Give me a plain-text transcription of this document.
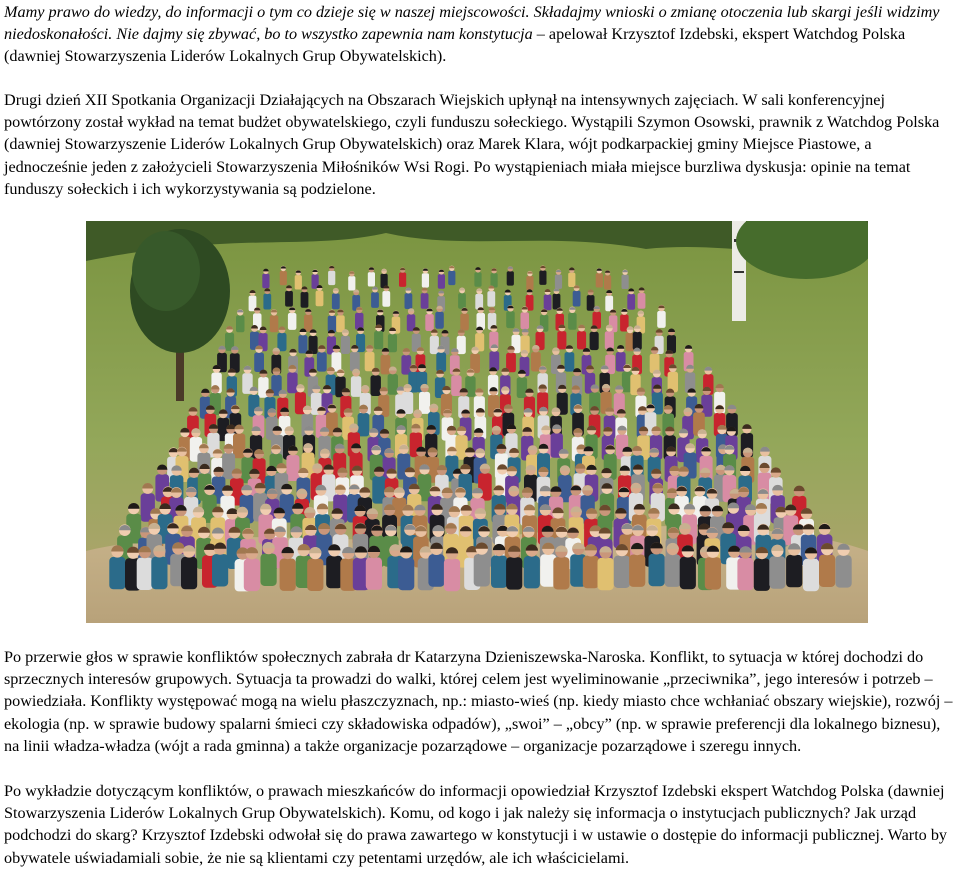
Mamy prawo do wiedzy, do informacji o tym co dzieje się w naszej miejscowości. Składajmy wnioski o zmianę otoczenia lub skargi jeśli widzimy niedoskonałości. Nie dajmy się zbywać, bo to wszystko zapewnia nam konstytucja – apelował Krzysztof Izdebski, ekspert Watchdog Polska (dawniej Stowarzyszenia Liderów Lokalnych Grup Obywatelskich).

Drugi dzień XII Spotkania Organizacji Działających na Obszarach Wiejskich upłynął na intensywnych zajęciach. W sali konferencyjnej powtórzony został wykład na temat budżet obywatelskiego, czyli funduszu sołeckiego. Wystąpili Szymon Osowski, prawnik z Watchdog Polska (dawniej Stowarzyszenie Liderów Lokalnych Grup Obywatelskich) oraz Marek Klara, wójt podkarpackiej gminy Miejsce Piastowe, a jednocześnie jeden z założycieli Stowarzyszenia Miłośników Wsi Rogi. Po wystąpieniach miała miejsce burzliwa dyskusja: opinie na temat funduszy sołeckich i ich wykorzystywania są podzielone.

Po przerwie głos w sprawie konfliktów społecznych zabrała dr Katarzyna Dzieniszewska-Naroska. Konflikt, to sytuacja w której dochodzi do sprzecznych interesów grupowych. Sytuacja ta prowadzi do walki, której celem jest wyeliminowanie „przeciwnika”, jego interesów i potrzeb – powiedziała. Konflikty występować mogą na wielu płaszczyznach, np.: miasto-wieś (np. kiedy miasto chce wchłaniać obszary wiejskie), rozwój – ekologia (np. w sprawie budowy spalarni śmieci czy składowiska odpadów), „swoi” – „obcy” (np. w sprawie preferencji dla lokalnego biznesu), na linii władza-władza (wójt a rada gminna) a także organizacje pozarządowe – organizacje pozarządowe i szeregu innych.

Po wykładzie dotyczącym konfliktów, o prawach mieszkańców do informacji opowiedział Krzysztof Izdebski ekspert Watchdog Polska (dawniej Stowarzyszenia Liderów Lokalnych Grup Obywatelskich). Komu, od kogo i jak należy się informacja o instytucjach publicznych? Jak urząd podchodzi do skarg? Krzysztof Izdebski odwołał się do prawa zawartego w konstytucji i w ustawie o dostępie do informacji publicznej. Warto by obywatele uświadamiali sobie, że nie są klientami czy petentami urzędów, ale ich właścicielami.
